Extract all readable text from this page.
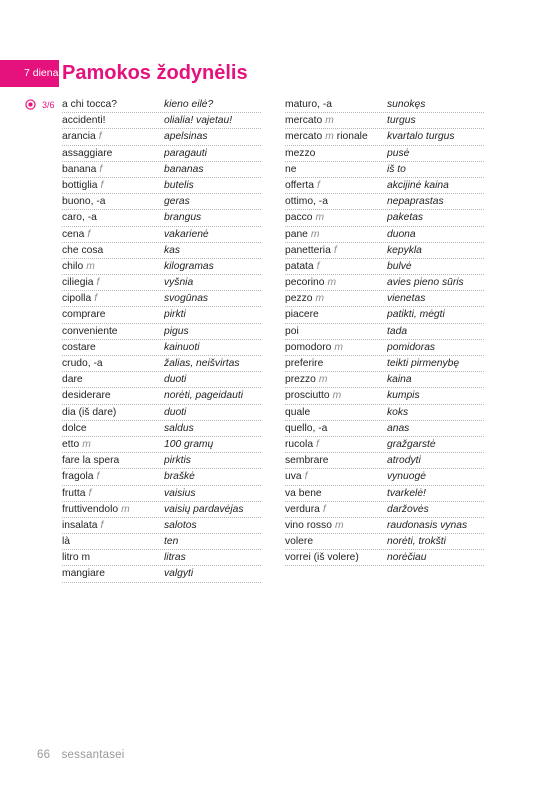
7 diena Pamokos žodynėlis
3/6 a chi tocca?	kieno eilė?
accidenti!	olialia! vajetau!
arancia f	apelsinas
assaggiare	paragauti
banana f	bananas
bottiglia f	butelis
buono, -a	geras
caro, -a	brangus
cena f	vakarienė
che cosa	kas
chilo m	kilogramas
ciliegia f	vyšnia
cipolla f	svogūnas
comprare	pirkti
conveniente	pigus
costare	kainuoti
crudo, -a	žalias, neišvirtas
dare	duoti
desiderare	norėti, pageidauti
dia (iš dare)	duoti
dolce	saldus
etto m	100 gramų
fare la spera	pirktis
fragola f	braškė
frutta f	vaisius
fruttivendolo m	vaisių pardavėjas
insalata f	salotos
là	ten
litro m	litras
mangiare	valgyti
maturo, -a	sunokęs
mercato m	turgus
mercato m rionale	kvartalo turgus
mezzo	pusė
ne	iš to
offerta f	akcijinė kaina
ottimo, -a	nepaprastas
pacco m	paketas
pane m	duona
panetteria f	kepykla
patata f	bulvė
pecorino m	avies pieno sūris
pezzo m	vienetas
piacere	patikti, mėgti
poi	tada
pomodoro m	pomidoras
preferire	teikti pirmenybę
prezzo m	kaina
prosciutto m	kumpis
quale	koks
quello, -a	anas
rucola f	gražgarstė
sembrare	atrodyti
uva f	vynuogė
va bene	tvarkelė!
verdura f	daržovės
vino rosso m	raudonasis vynas
volere	norėti, trokšti
vorrei (iš volere)	norėčiau
66 sessantasei
